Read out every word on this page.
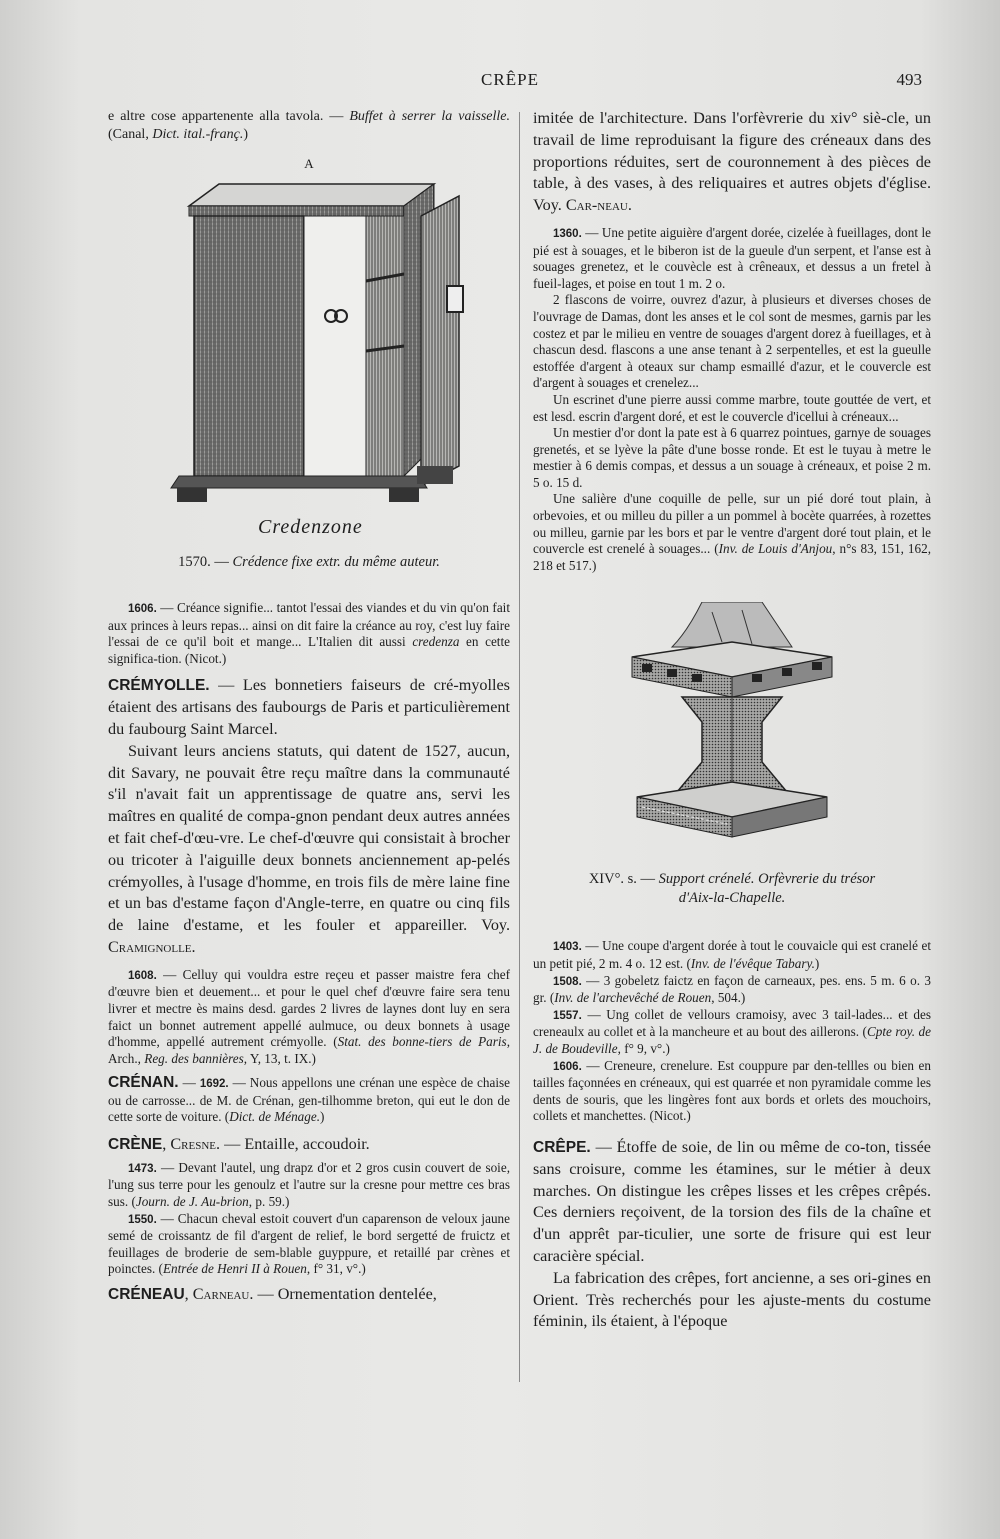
CRÊPE	493

e altre cose appartenente alla tavola. — Buffet à serrer la vaisselle. (Canal, Dict. ital.-franç.)

A
Credenzone
1570. — Crédence fixe extr. du même auteur.

1606. — Créance signifie... tantot l'essai des viandes et du vin qu'on fait aux princes à leurs repas... ainsi on dit faire la créance au roy, c'est luy faire l'essai de ce qu'il boit et mange... L'Italien dit aussi credenza en cette significa-tion. (Nicot.)

CRÉMYOLLE. — Les bonnetiers faiseurs de cré-myolles étaient des artisans des faubourgs de Paris et particulièrement du faubourg Saint Marcel.

Suivant leurs anciens statuts, qui datent de 1527, aucun, dit Savary, ne pouvait être reçu maître dans la communauté s'il n'avait fait un apprentissage de quatre ans, servi les maîtres en qualité de compa-gnon pendant deux autres années et fait chef-d'œu-vre. Le chef-d'œuvre qui consistait à brocher ou tricoter à l'aiguille deux bonnets anciennement ap-pelés crémyolles, à l'usage d'homme, en trois fils de mère laine fine et un bas d'estame façon d'Angle-terre, en quatre ou cinq fils de laine d'estame, et les fouler et appareiller. Voy. Cramignolle.

1608. — Celluy qui vouldra estre reçeu et passer maistre fera chef d'œuvre bien et deuement... et pour le quel chef d'œuvre faire sera tenu livrer et mectre ès mains desd. gardes 2 livres de laynes dont luy en sera faict un bonnet autrement appellé aulmuce, ou deux bonnets à usage d'homme, appellé autrement crémyolle. (Stat. des bonne-tiers de Paris, Arch., Reg. des bannières, Y, 13, t. IX.)

CRÉNAN. — 1692. — Nous appellons une crénan une espèce de chaise ou de carrosse... de M. de Crénan, gen-tilhomme breton, qui eut le don de cette sorte de voiture. (Dict. de Ménage.)

CRÈNE, Cresne. — Entaille, accoudoir.

1473. — Devant l'autel, ung drapz d'or et 2 gros cusin couvert de soie, l'ung sus terre pour les genoulz et l'autre sur la cresne pour mettre ces bras sus. (Journ. de J. Au-brion, p. 59.)

1550. — Chacun cheval estoit couvert d'un caparenson de veloux jaune semé de croissantz de fil d'argent de relief, le bord sergetté de fruictz et feuillages de broderie de sem-blable guyppure, et retaillé par crènes et poinctes. (Entrée de Henri II à Rouen, f° 31, v°.)

CRÉNEAU, Carneau. — Ornementation dentelée,

imitée de l'architecture. Dans l'orfèvrerie du xiv° siè-cle, un travail de lime reproduisant la figure des créneaux dans des proportions réduites, sert de couronnement à des pièces de table, à des vases, à des reliquaires et autres objets d'église. Voy. Car-neau.

1360. — Une petite aiguière d'argent dorée, cizelée à fueillages, dont le pié est à souages, et le biberon ist de la gueule d'un serpent, et l'anse est à souages grenetez, et le couvècle est à crêneaux, et dessus a un fretel à fueil-lages, et poise en tout 1 m. 2 o.

2 flascons de voirre, ouvrez d'azur, à plusieurs et diverses choses de l'ouvrage de Damas, dont les anses et le col sont de mesmes, garnis par les costez et par le milieu en ventre de souages d'argent dorez à fueillages, et à chascun desd. flascons a une anse tenant à 2 serpentelles, et est la gueulle estoffée d'argent à oteaux sur champ esmaillé d'azur, et le couvercle est d'argent à souages et crenelez...

Un escrinet d'une pierre aussi comme marbre, toute gouttée de vert, et est lesd. escrin d'argent doré, et est le couvercle d'icellui à créneaux...

Un mestier d'or dont la pate est à 6 quarrez pointues, garnye de souages grenetés, et se lyève la pâte d'une bosse ronde. Et est le tuyau à metre le mestier à 6 demis compas, et dessus a un souage à créneaux, et poise 2 m. 5 o. 15 d.

Une salière d'une coquille de pelle, sur un pié doré tout plain, à orbevoies, et ou milleu du piller a un pommel à bocète quarrées, à rozettes ou milleu, garnie par les bors et par le ventre d'argent doré tout plain, et le couvercle est crenelé à souages... (Inv. de Louis d'Anjou, n°s 83, 151, 162, 218 et 517.)

XIV°. s. — Support crénelé. Orfèvrerie du trésor
d'Aix-la-Chapelle.

1403. — Une coupe d'argent dorée à tout le couvaicle qui est cranelé et un petit pié, 2 m. 4 o. 12 est. (Inv. de l'évêque Tabary.)

1508. — 3 gobeletz faictz en façon de carneaux, pes. ens. 5 m. 6 o. 3 gr. (Inv. de l'archevêché de Rouen, 504.)

1557. — Ung collet de vellours cramoisy, avec 3 tail-lades... et des creneaulx au collet et à la mancheure et au bout des aillerons. (Cpte roy. de J. de Boudeville, f° 9, v°.)

1606. — Creneure, crenelure. Est couppure par den-tellles ou bien en tailles façonnées en créneaux, qui est quarrée et non pyramidale comme les dents de souris, que les lingères font aux bords et orlets des mouchoirs, collets et manchettes. (Nicot.)

CRÊPE. — Étoffe de soie, de lin ou même de co-ton, tissée sans croisure, comme les étamines, sur le métier à deux marches. On distingue les crêpes lisses et les crêpes crêpés. Ces derniers reçoivent, de la torsion des fils de la chaîne et d'un apprêt par-ticulier, une sorte de frisure qui est leur caracière spécial.

La fabrication des crêpes, fort ancienne, a ses ori-gines en Orient. Très recherchés pour les ajuste-ments du costume féminin, ils étaient, à l'époque
